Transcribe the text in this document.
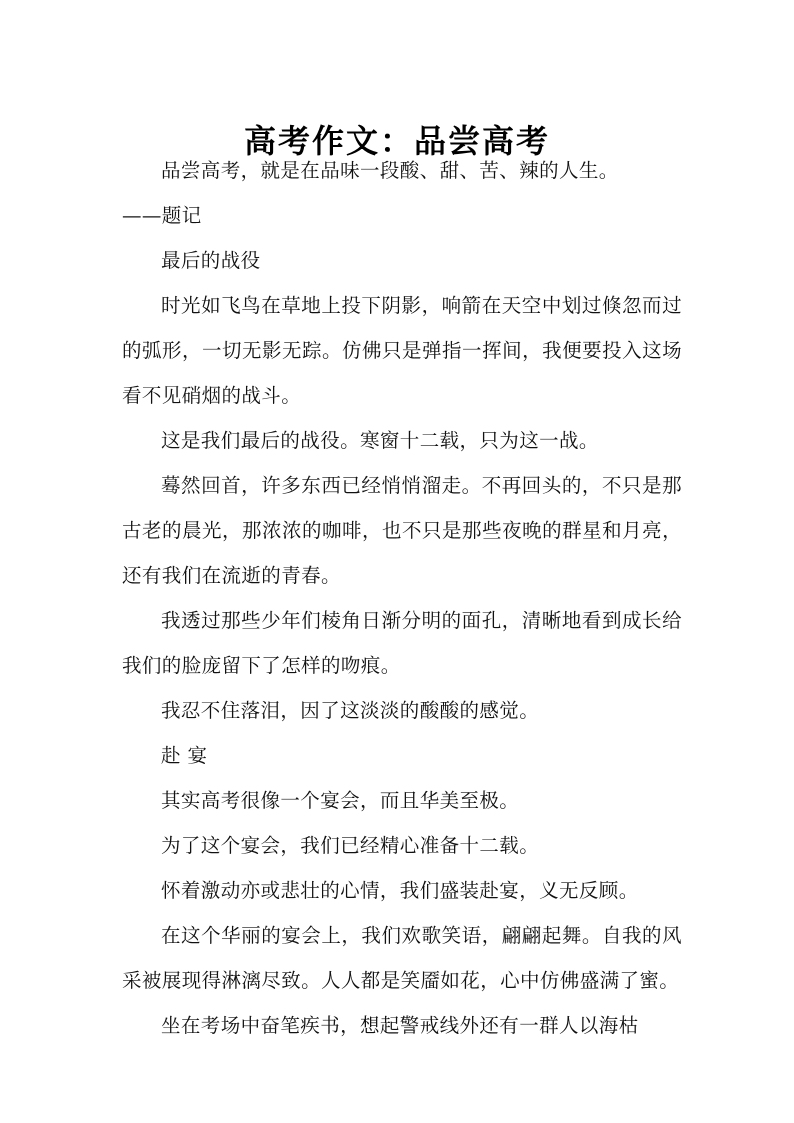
高考作文：品尝高考

品尝高考，就是在品味一段酸、甜、苦、辣的人生。

——题记

最后的战役

时光如飞鸟在草地上投下阴影，响箭在天空中划过倏忽而过的弧形，一切无影无踪。仿佛只是弹指一挥间，我便要投入这场看不见硝烟的战斗。

这是我们最后的战役。寒窗十二载，只为这一战。

蓦然回首，许多东西已经悄悄溜走。不再回头的，不只是那古老的晨光，那浓浓的咖啡，也不只是那些夜晚的群星和月亮，还有我们在流逝的青春。

我透过那些少年们棱角日渐分明的面孔，清晰地看到成长给我们的脸庞留下了怎样的吻痕。

我忍不住落泪，因了这淡淡的酸酸的感觉。

赴 宴

其实高考很像一个宴会，而且华美至极。

为了这个宴会，我们已经精心准备十二载。

怀着激动亦或悲壮的心情，我们盛装赴宴，义无反顾。

在这个华丽的宴会上，我们欢歌笑语，翩翩起舞。自我的风采被展现得淋漓尽致。人人都是笑靥如花，心中仿佛盛满了蜜。

坐在考场中奋笔疾书，想起警戒线外还有一群人以海枯
